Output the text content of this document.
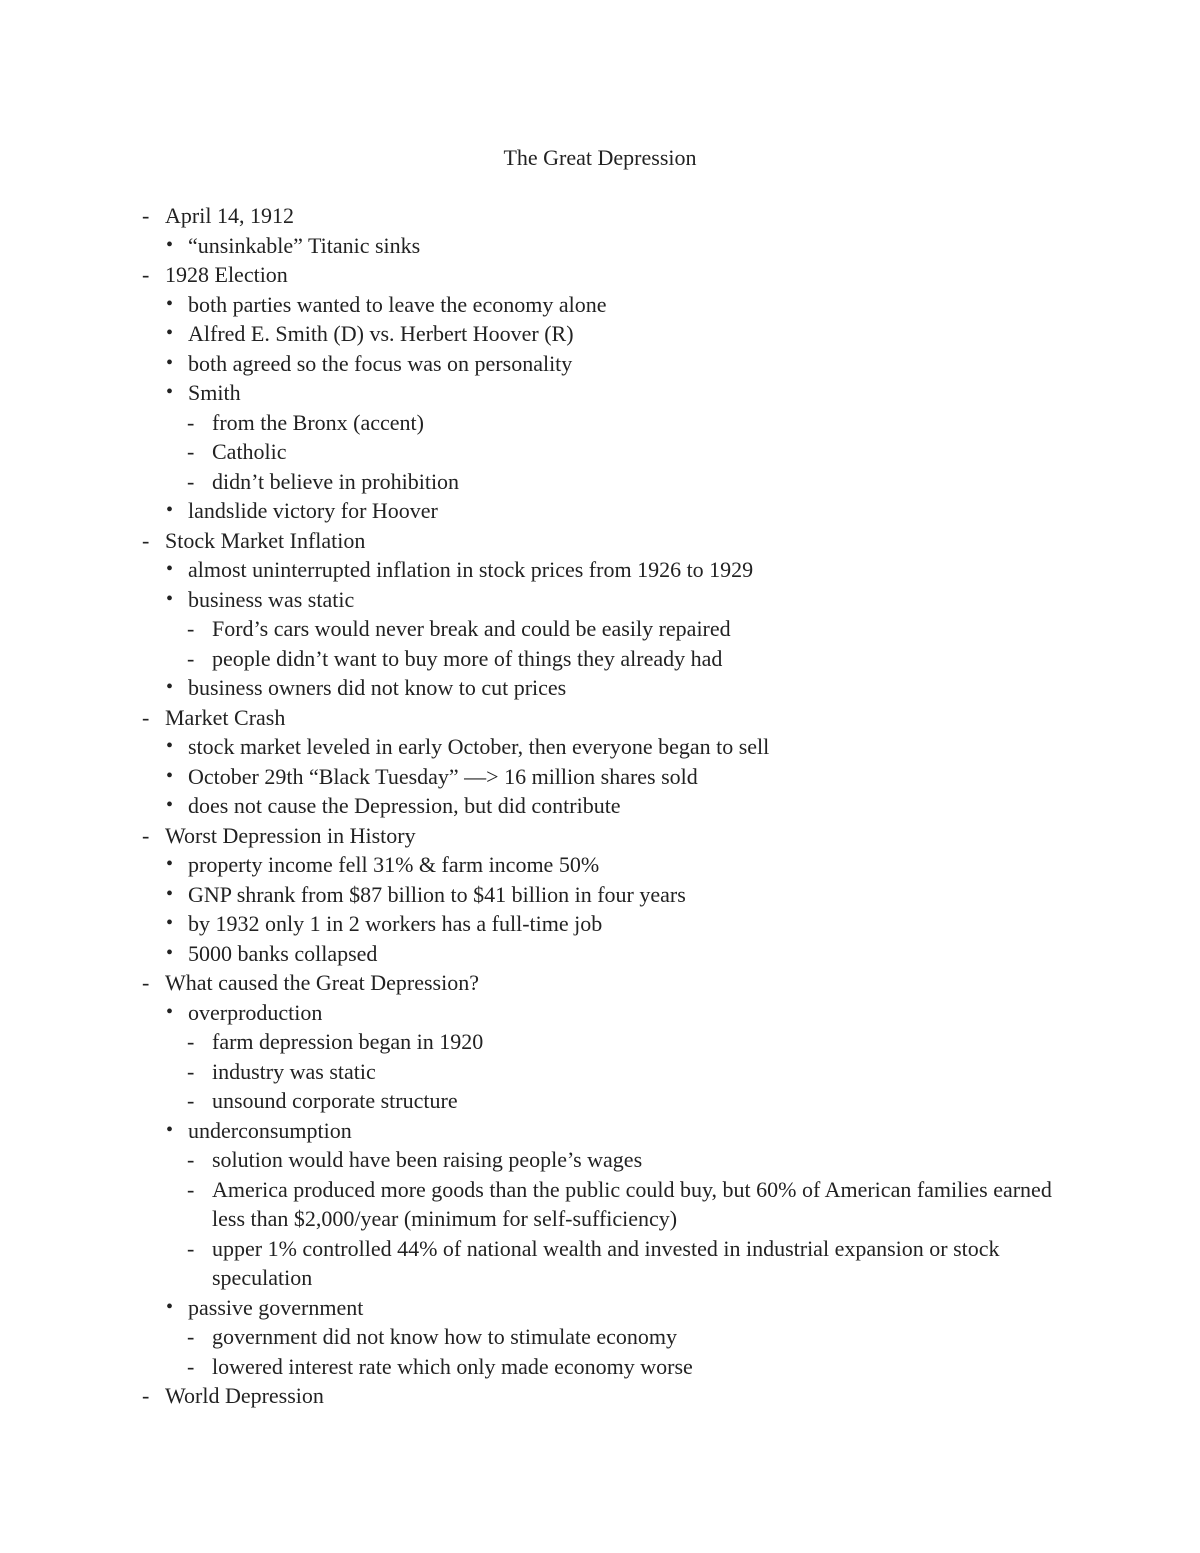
The Great Depression
- April 14, 1912
• “unsinkable” Titanic sinks
- 1928 Election
• both parties wanted to leave the economy alone
• Alfred E. Smith (D) vs. Herbert Hoover (R)
• both agreed so the focus was on personality
• Smith
- from the Bronx (accent)
- Catholic
- didn’t believe in prohibition
• landslide victory for Hoover
- Stock Market Inflation
• almost uninterrupted inflation in stock prices from 1926 to 1929
• business was static
- Ford’s cars would never break and could be easily repaired
- people didn’t want to buy more of things they already had
• business owners did not know to cut prices
- Market Crash
• stock market leveled in early October, then everyone began to sell
• October 29th “Black Tuesday” —> 16 million shares sold
• does not cause the Depression, but did contribute
- Worst Depression in History
• property income fell 31% & farm income 50%
• GNP shrank from $87 billion to $41 billion in four years
• by 1932 only 1 in 2 workers has a full-time job
• 5000 banks collapsed
- What caused the Great Depression?
• overproduction
- farm depression began in 1920
- industry was static
- unsound corporate structure
• underconsumption
- solution would have been raising people’s wages
- America produced more goods than the public could buy, but 60% of American families earned less than $2,000/year (minimum for self-sufficiency)
- upper 1% controlled 44% of national wealth and invested in industrial expansion or stock speculation
• passive government
- government did not know how to stimulate economy
- lowered interest rate which only made economy worse
- World Depression
